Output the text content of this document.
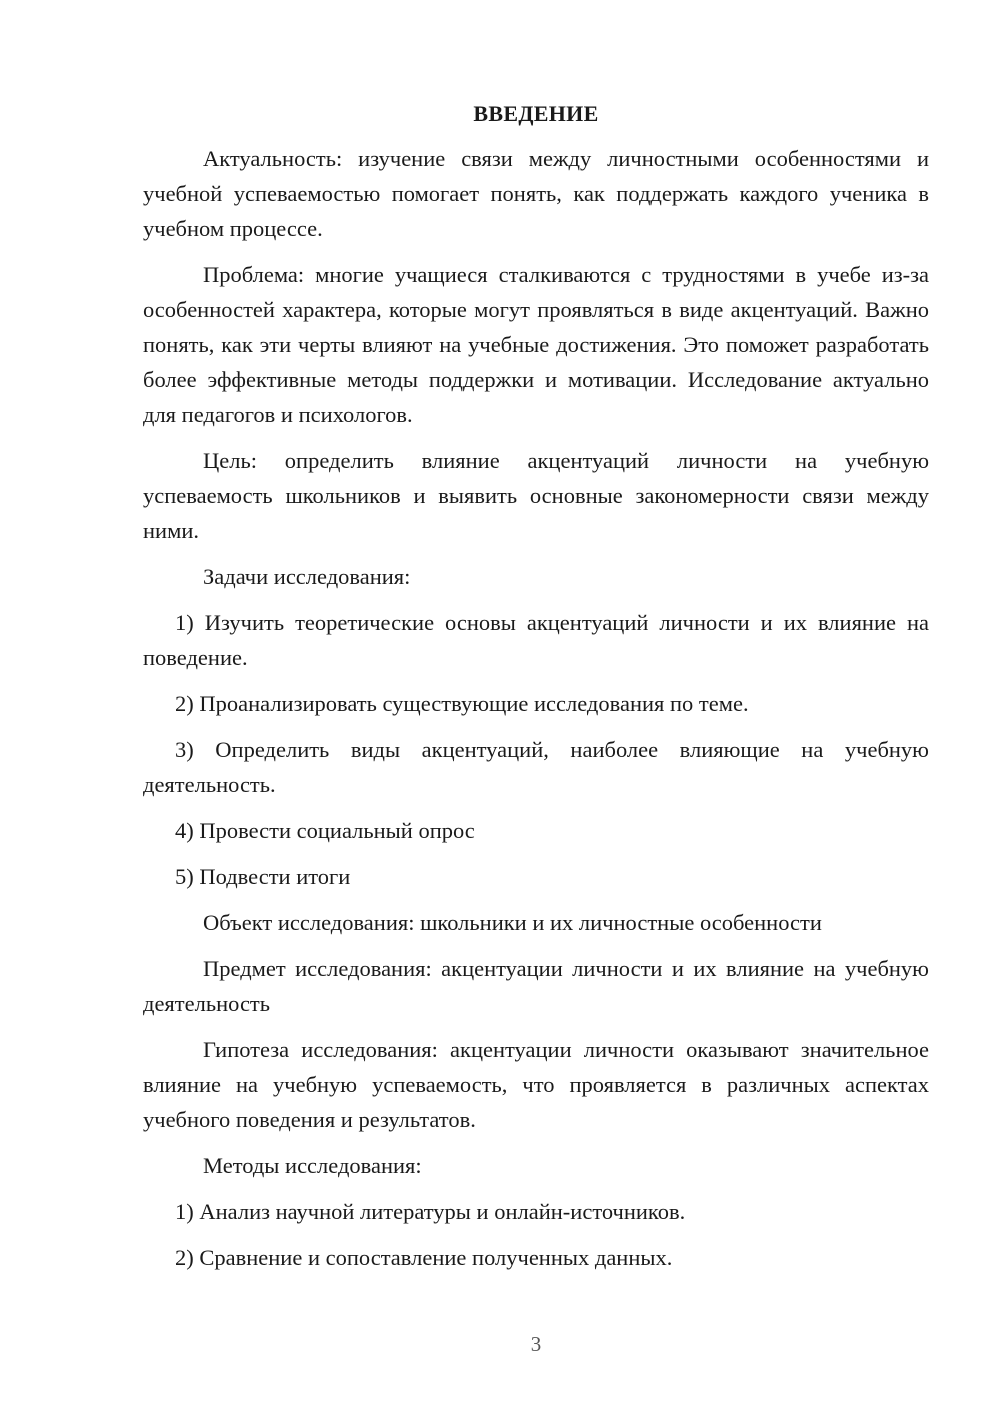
ВВЕДЕНИЕ

Актуальность: изучение связи между личностными особенностями и учебной успеваемостью помогает понять, как поддержать каждого ученика в учебном процессе.

Проблема: многие учащиеся сталкиваются с трудностями в учебе из-за особенностей характера, которые могут проявляться в виде акцентуаций. Важно понять, как эти черты влияют на учебные достижения. Это поможет разработать более эффективные методы поддержки и мотивации. Исследование актуально для педагогов и психологов.

Цель: определить влияние акцентуаций личности на учебную успеваемость школьников и выявить основные закономерности связи между ними.

Задачи исследования:

1) Изучить теоретические основы акцентуаций личности и их влияние на поведение.

2) Проанализировать существующие исследования по теме.

3) Определить виды акцентуаций, наиболее влияющие на учебную деятельность.

4) Провести социальный опрос

5) Подвести итоги

Объект исследования: школьники и их личностные особенности

Предмет исследования: акцентуации личности и их влияние на учебную деятельность

Гипотеза исследования: акцентуации личности оказывают значительное влияние на учебную успеваемость, что проявляется в различных аспектах учебного поведения и результатов.

Методы исследования:

1) Анализ научной литературы и онлайн-источников.

2) Сравнение и сопоставление полученных данных.

3
